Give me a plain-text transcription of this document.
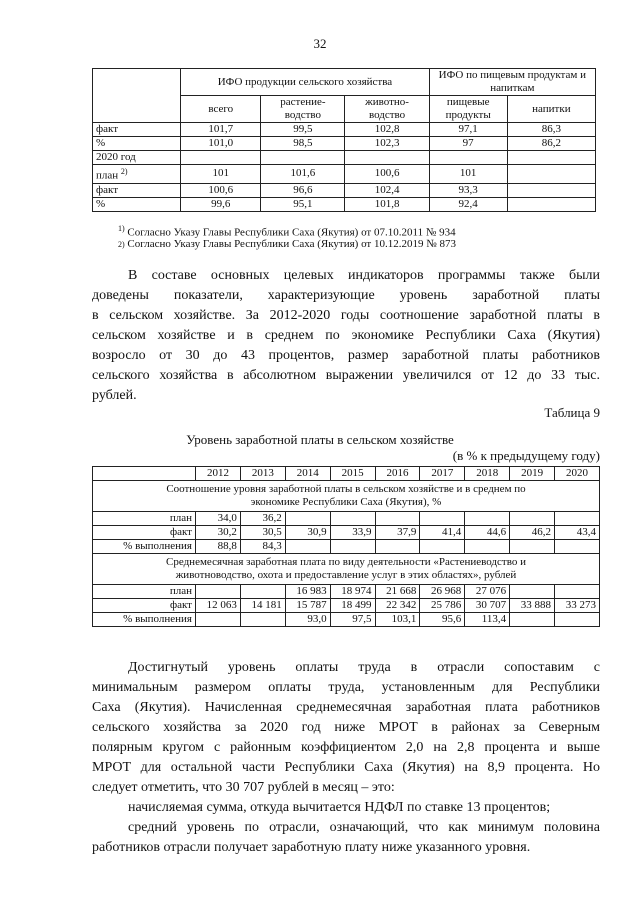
32
	ИФО продукции сельского хозяйства			ИФО по пищевым продуктам и напиткам	
	всего	растение-водство	животно-водство	пищевые продукты	напитки
факт	101,7	99,5	102,8	97,1	86,3
%	101,0	98,5	102,3	97	86,2
2020 год					
план $^{2)}$	101	101,6	100,6	101	
факт	100,6	96,6	102,4	93,3	
%	99,6	95,1	101,8	92,4	
$^{1)}$ Согласно Указу Главы Республики Саха (Якутия) от 07.10.2011 № 934
2) Согласно Указу Главы Республики Саха (Якутия) от 10.12.2019 № 873
В составе основных целевых индикаторов программы также были
доведены показатели, характеризующие уровень заработной платы
в сельском хозяйстве. За 2012-2020 годы соотношение заработной платы в
сельском хозяйстве и в среднем по экономике Республики Саха (Якутия)
возросло от 30 до 43 процентов, размер заработной платы работников
сельского хозяйства в абсолютном выражении увеличился от 12 до 33 тыс.
рублей.
Таблица 9
Уровень заработной платы в сельском хозяйстве
(в % к предыдущему году)
	2012	2013	2014	2015	2016	2017	2018	2019	2020
Соотношение уровня заработной платы в сельском хозяйстве и в среднем по экономике Республики Саха (Якутия), %									
план	34,0	36,2							
факт	30,2	30,5	30,9	33,9	37,9	41,4	44,6	46,2	43,4
% выполнения	88,8	84,3							
Среднемесячная заработная плата по виду деятельности «Растениеводство и животноводство, охота и предоставление услуг в этих областях», рублей									
план			16 983	18 974	21 668	26 968	27 076		
факт	12 063	14 181	15 787	18 499	22 342	25 786	30 707	33 888	33 273
% выполнения			93,0	97,5	103,1	95,6	113,4		
Достигнутый уровень оплаты труда в отрасли сопоставим с
минимальным размером оплаты труда, установленным для Республики
Саха (Якутия). Начисленная среднемесячная заработная плата работников
сельского хозяйства за 2020 год ниже МРОТ в районах за Северным
полярным кругом с районным коэффициентом 2,0 на 2,8 процента и выше
МРОТ для остальной части Республики Саха (Якутия) на 8,9 процента. Но
следует отметить, что 30 707 рублей в месяц – это:
начисляемая сумма, откуда вычитается НДФЛ по ставке 13 процентов;
средний уровень по отрасли, означающий, что как минимум половина
работников отрасли получает заработную плату ниже указанного уровня.
